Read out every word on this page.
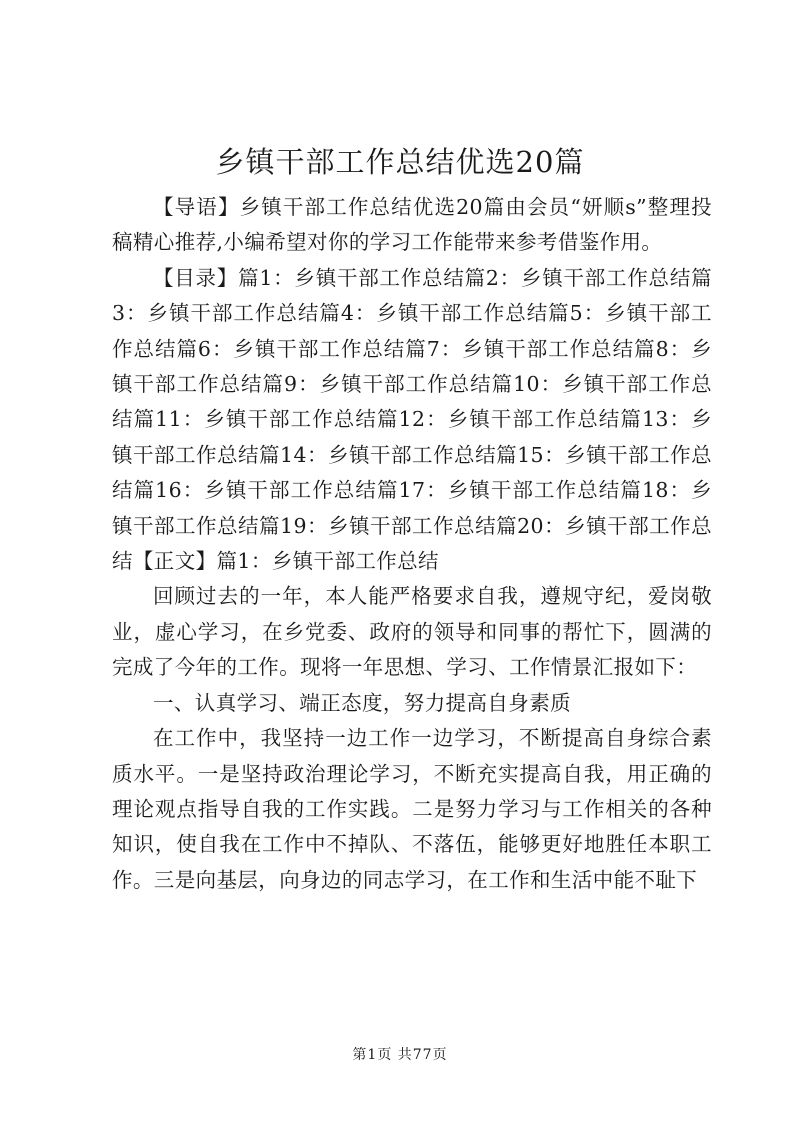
乡镇干部工作总结优选20篇

【导语】乡镇干部工作总结优选20篇由会员“妍顺s”整理投稿精心推荐,小编希望对你的学习工作能带来参考借鉴作用。

【目录】篇1：乡镇干部工作总结篇2：乡镇干部工作总结篇3：乡镇干部工作总结篇4：乡镇干部工作总结篇5：乡镇干部工作总结篇6：乡镇干部工作总结篇7：乡镇干部工作总结篇8：乡镇干部工作总结篇9：乡镇干部工作总结篇10：乡镇干部工作总结篇11：乡镇干部工作总结篇12：乡镇干部工作总结篇13：乡镇干部工作总结篇14：乡镇干部工作总结篇15：乡镇干部工作总结篇16：乡镇干部工作总结篇17：乡镇干部工作总结篇18：乡镇干部工作总结篇19：乡镇干部工作总结篇20：乡镇干部工作总结【正文】篇1：乡镇干部工作总结

回顾过去的一年，本人能严格要求自我，遵规守纪，爱岗敬业，虚心学习，在乡党委、政府的领导和同事的帮忙下，圆满的完成了今年的工作。现将一年思想、学习、工作情景汇报如下：

一、认真学习、端正态度，努力提高自身素质

在工作中，我坚持一边工作一边学习，不断提高自身综合素质水平。一是坚持政治理论学习，不断充实提高自我，用正确的理论观点指导自我的工作实践。二是努力学习与工作相关的各种知识，使自我在工作中不掉队、不落伍，能够更好地胜任本职工作。三是向基层，向身边的同志学习，在工作和生活中能不耻下

第1页 共77页
